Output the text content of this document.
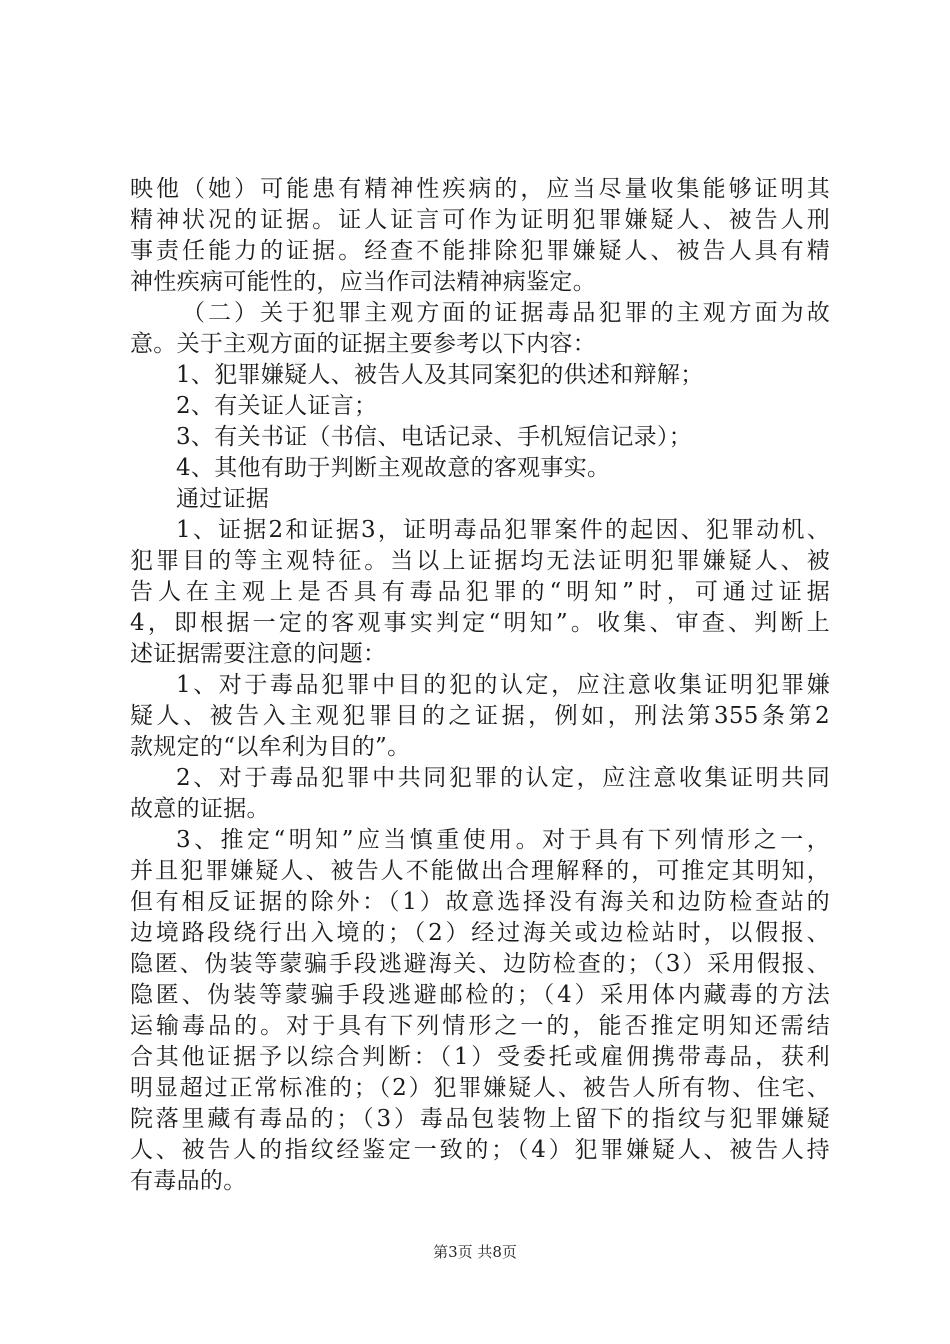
映他（她）可能患有精神性疾病的，应当尽量收集能够证明其
精神状况的证据。证人证言可作为证明犯罪嫌疑人、被告人刑
事责任能力的证据。经查不能排除犯罪嫌疑人、被告人具有精
神性疾病可能性的，应当作司法精神病鉴定。
（二）关于犯罪主观方面的证据毒品犯罪的主观方面为故
意。关于主观方面的证据主要参考以下内容：
1、犯罪嫌疑人、被告人及其同案犯的供述和辩解；
2、有关证人证言；
3、有关书证（书信、电话记录、手机短信记录）；
4、其他有助于判断主观故意的客观事实。
通过证据
1、证据2和证据3，证明毒品犯罪案件的起因、犯罪动机、
犯罪目的等主观特征。当以上证据均无法证明犯罪嫌疑人、被
告人在主观上是否具有毒品犯罪的“明知”时，可通过证据
4，即根据一定的客观事实判定“明知”。收集、审查、判断上
述证据需要注意的问题：
1、对于毒品犯罪中目的犯的认定，应注意收集证明犯罪嫌
疑人、被告入主观犯罪目的之证据，例如，刑法第355条第2
款规定的“以牟利为目的”。
2、对于毒品犯罪中共同犯罪的认定，应注意收集证明共同
故意的证据。
3、推定“明知”应当慎重使用。对于具有下列情形之一，
并且犯罪嫌疑人、被告人不能做出合理解释的，可推定其明知，
但有相反证据的除外：（1）故意选择没有海关和边防检查站的
边境路段绕行出入境的；（2）经过海关或边检站时，以假报、
隐匿、伪装等蒙骗手段逃避海关、边防检查的；（3）采用假报、
隐匿、伪装等蒙骗手段逃避邮检的；（4）采用体内藏毒的方法
运输毒品的。对于具有下列情形之一的，能否推定明知还需结
合其他证据予以综合判断：（1）受委托或雇佣携带毒品，获利
明显超过正常标准的；（2）犯罪嫌疑人、被告人所有物、住宅、
院落里藏有毒品的；（3）毒品包装物上留下的指纹与犯罪嫌疑
人、被告人的指纹经鉴定一致的；（4）犯罪嫌疑人、被告人持
有毒品的。
第3页 共8页
